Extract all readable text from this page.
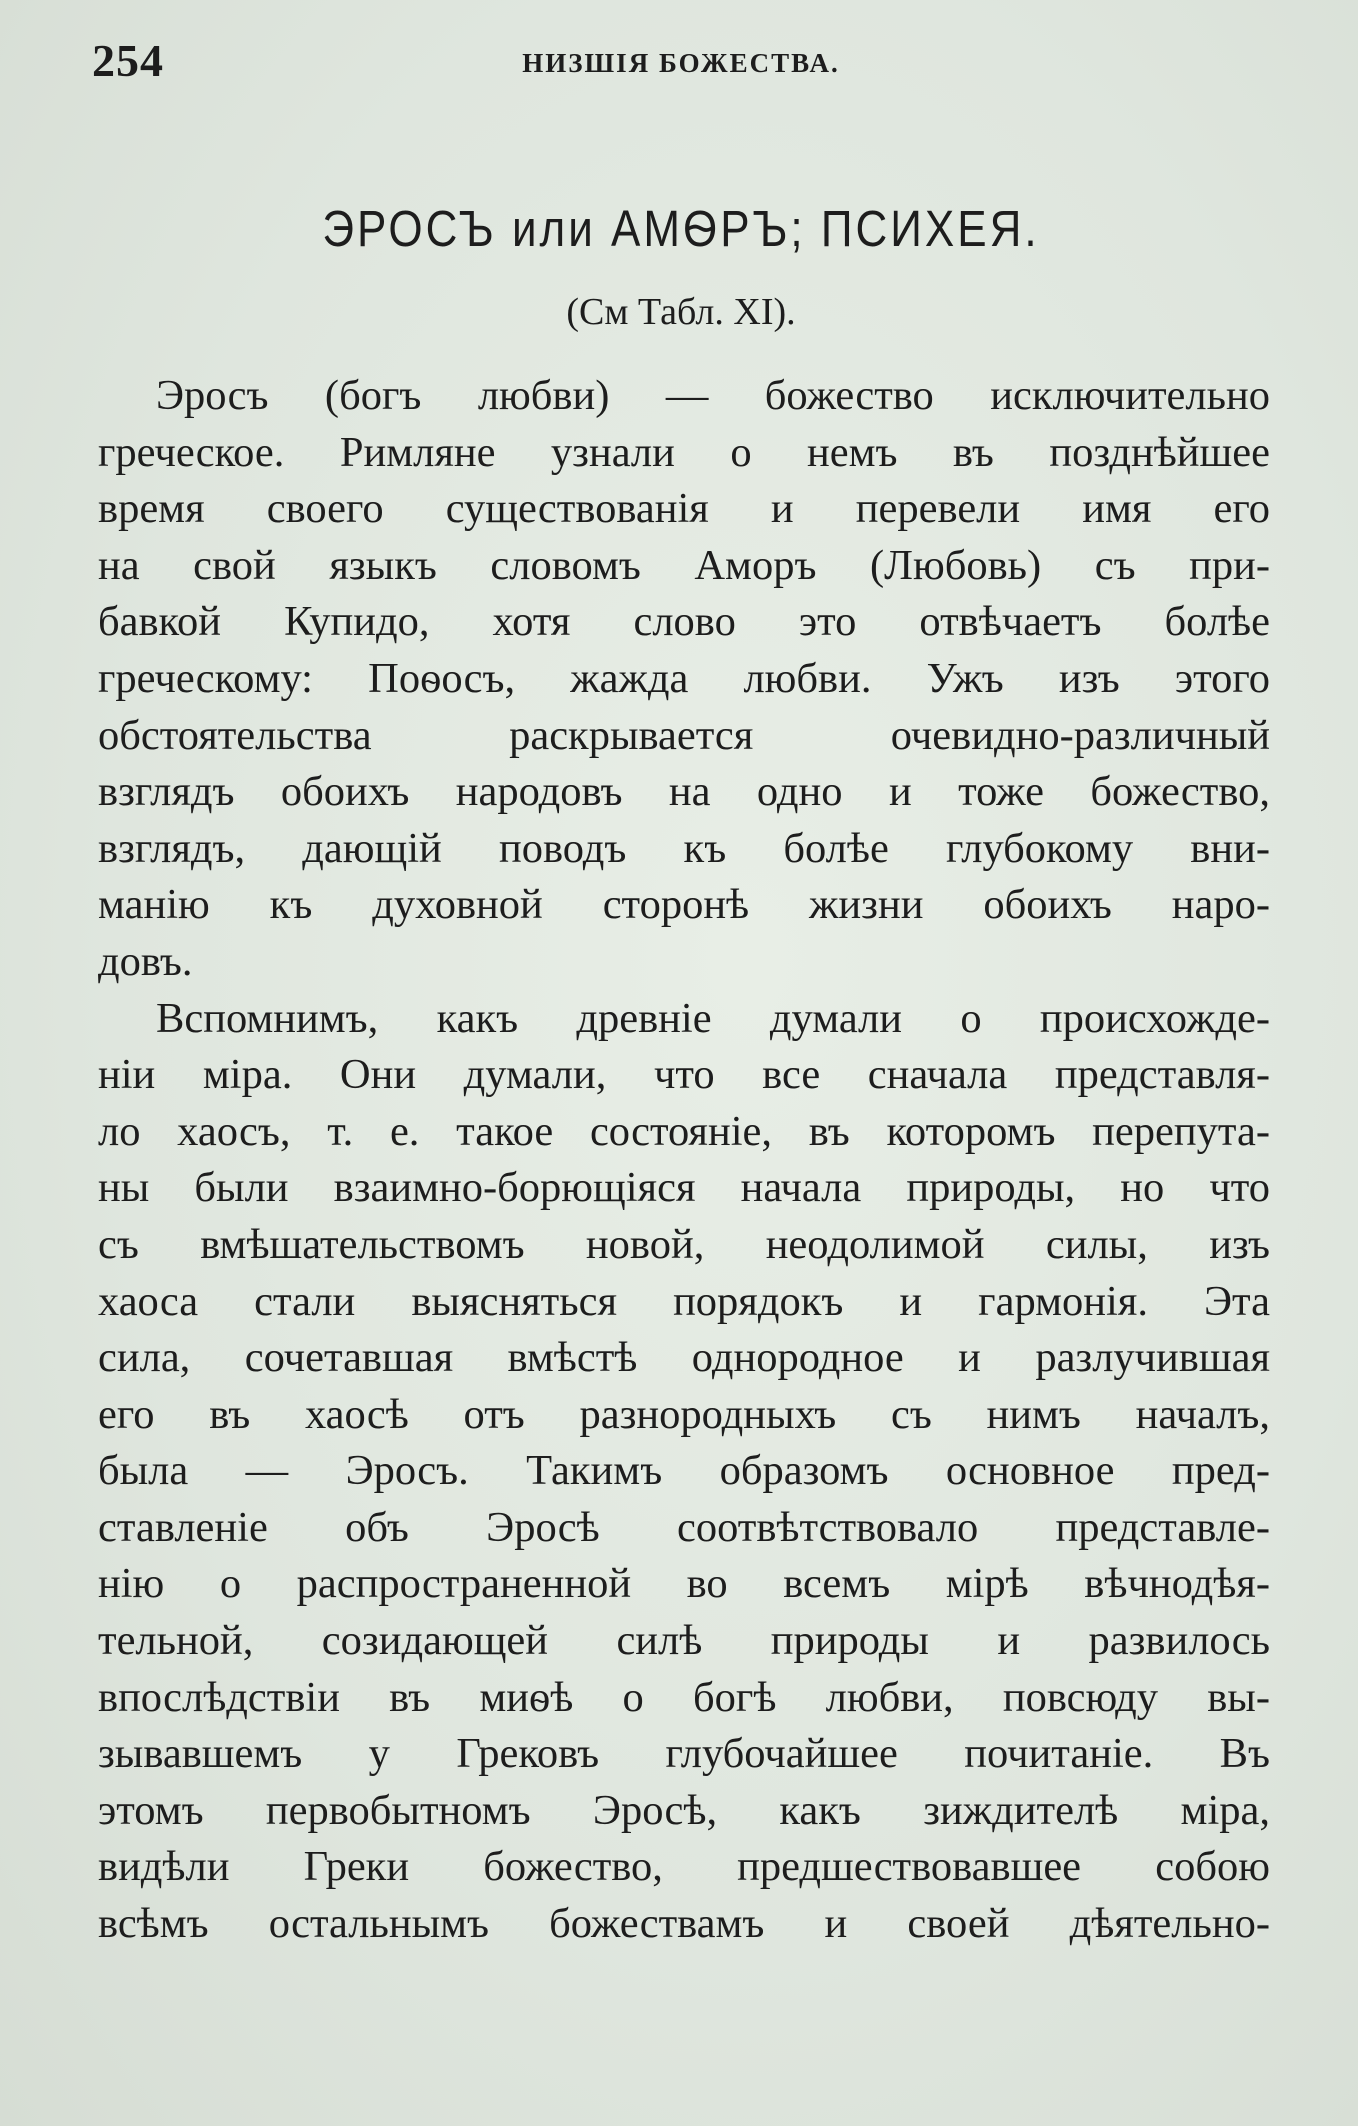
254	НИЗШІЯ БОЖЕСТВА.
ЭРОСЪ или АМѲРЪ; ПСИХЕЯ.
(См Табл. XI).
Эросъ (богъ любви) — божество исключительно
греческое. Римляне узнали о немъ въ позднѣйшее
время своего существованія и перевели имя его
на свой языкъ словомъ Аморъ (Любовь) съ при-
бавкой Купидо, хотя слово это отвѣчаетъ болѣе
греческому: Поѳосъ, жажда любви. Ужъ изъ этого
обстоятельства раскрывается очевидно-различный
взглядъ обоихъ народовъ на одно и тоже божество,
взглядъ, дающій поводъ къ болѣе глубокому вни-
манію къ духовной сторонѣ жизни обоихъ наро-
довъ.
Вспомнимъ, какъ древніе думали о происхожде-
ніи міра. Они думали, что все сначала представля-
ло хаосъ, т. е. такое состояніе, въ которомъ перепута-
ны были взаимно-борющіяся начала природы, но что
съ вмѣшательствомъ новой, неодолимой силы, изъ
хаоса стали выясняться порядокъ и гармонія. Эта
сила, сочетавшая вмѣстѣ однородное и разлучившая
его въ хаосѣ отъ разнородныхъ съ нимъ началъ,
была — Эросъ. Такимъ образомъ основное пред-
ставленіе объ Эросѣ соотвѣтствовало представле-
нію о распространенной во всемъ мірѣ вѣчнодѣя-
тельной, созидающей силѣ природы и развилось
впослѣдствіи въ миѳѣ о богѣ любви, повсюду вы-
зывавшемъ у Грековъ глубочайшее почитаніе. Въ
этомъ первобытномъ Эросѣ, какъ зиждителѣ міра,
видѣли Греки божество, предшествовавшее собою
всѣмъ остальнымъ божествамъ и своей дѣятельно-
